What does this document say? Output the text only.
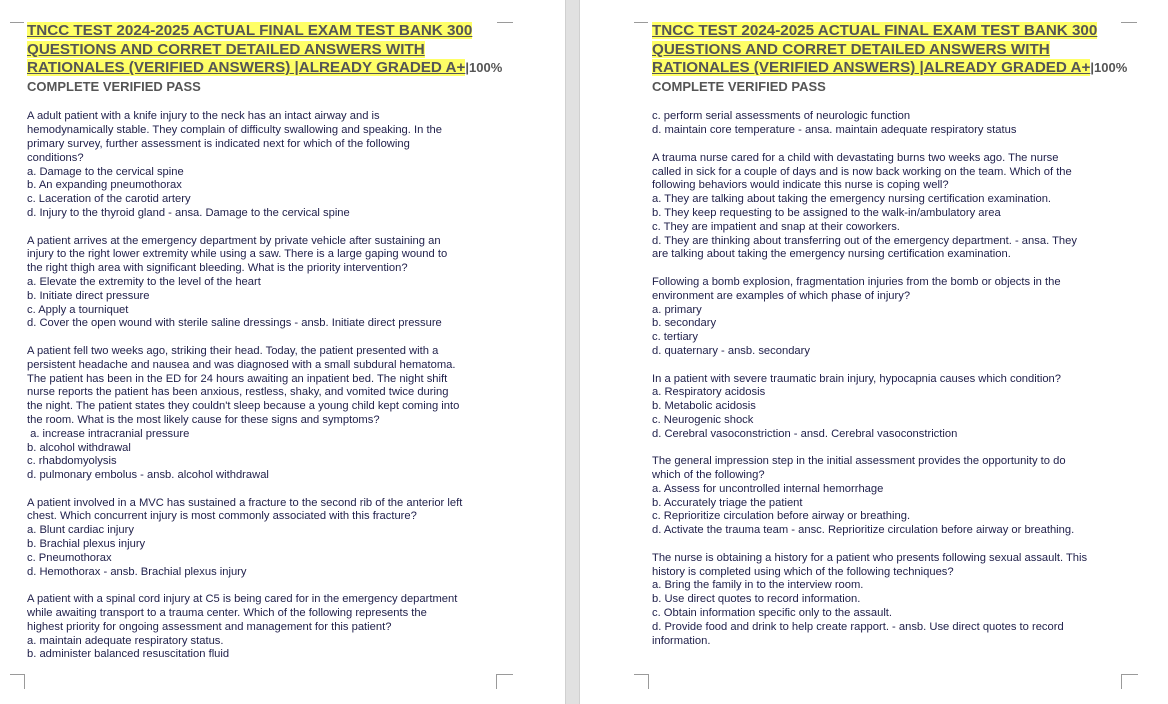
TNCC TEST 2024-2025 ACTUAL FINAL EXAM TEST BANK 300 QUESTIONS AND CORRET DETAILED ANSWERS WITH RATIONALES (VERIFIED ANSWERS) |ALREADY GRADED A+|100% COMPLETE VERIFIED PASS
A adult patient with a knife injury to the neck has an intact airway and is
hemodynamically stable. They complain of difficulty swallowing and speaking. In the
primary survey, further assessment is indicated next for which of the following
conditions?
a. Damage to the cervical spine
b. An expanding pneumothorax
c. Laceration of the carotid artery
d. Injury to the thyroid gland - ansa. Damage to the cervical spine

A patient arrives at the emergency department by private vehicle after sustaining an
injury to the right lower extremity while using a saw. There is a large gaping wound to
the right thigh area with significant bleeding. What is the priority intervention?
a. Elevate the extremity to the level of the heart
b. Initiate direct pressure
c. Apply a tourniquet
d. Cover the open wound with sterile saline dressings - ansb. Initiate direct pressure

A patient fell two weeks ago, striking their head. Today, the patient presented with a
persistent headache and nausea and was diagnosed with a small subdural hematoma.
The patient has been in the ED for 24 hours awaiting an inpatient bed. The night shift
nurse reports the patient has been anxious, restless, shaky, and vomited twice during
the night. The patient states they couldn't sleep because a young child kept coming into
the room. What is the most likely cause for these signs and symptoms?
a. increase intracranial pressure
b. alcohol withdrawal
c. rhabdomyolysis
d. pulmonary embolus - ansb. alcohol withdrawal

A patient involved in a MVC has sustained a fracture to the second rib of the anterior left
chest. Which concurrent injury is most commonly associated with this fracture?
a. Blunt cardiac injury
b. Brachial plexus injury
c. Pneumothorax
d. Hemothorax - ansb. Brachial plexus injury

A patient with a spinal cord injury at C5 is being cared for in the emergency department
while awaiting transport to a trauma center. Which of the following represents the
highest priority for ongoing assessment and management for this patient?
a. maintain adequate respiratory status.
b. administer balanced resuscitation fluid
TNCC TEST 2024-2025 ACTUAL FINAL EXAM TEST BANK 300 QUESTIONS AND CORRET DETAILED ANSWERS WITH RATIONALES (VERIFIED ANSWERS) |ALREADY GRADED A+|100% COMPLETE VERIFIED PASS
c. perform serial assessments of neurologic function
d. maintain core temperature - ansa. maintain adequate respiratory status

A trauma nurse cared for a child with devastating burns two weeks ago. The nurse
called in sick for a couple of days and is now back working on the team. Which of the
following behaviors would indicate this nurse is coping well?
a. They are talking about taking the emergency nursing certification examination.
b. They keep requesting to be assigned to the walk-in/ambulatory area
c. They are impatient and snap at their coworkers.
d. They are thinking about transferring out of the emergency department. - ansa. They
are talking about taking the emergency nursing certification examination.

Following a bomb explosion, fragmentation injuries from the bomb or objects in the
environment are examples of which phase of injury?
a. primary
b. secondary
c. tertiary
d. quaternary - ansb. secondary

In a patient with severe traumatic brain injury, hypocapnia causes which condition?
a. Respiratory acidosis
b. Metabolic acidosis
c. Neurogenic shock
d. Cerebral vasoconstriction - ansd. Cerebral vasoconstriction

The general impression step in the initial assessment provides the opportunity to do
which of the following?
a. Assess for uncontrolled internal hemorrhage
b. Accurately triage the patient
c. Reprioritize circulation before airway or breathing.
d. Activate the trauma team - ansc. Reprioritize circulation before airway or breathing.

The nurse is obtaining a history for a patient who presents following sexual assault. This
history is completed using which of the following techniques?
a. Bring the family in to the interview room.
b. Use direct quotes to record information.
c. Obtain information specific only to the assault.
d. Provide food and drink to help create rapport. - ansb. Use direct quotes to record
information.
